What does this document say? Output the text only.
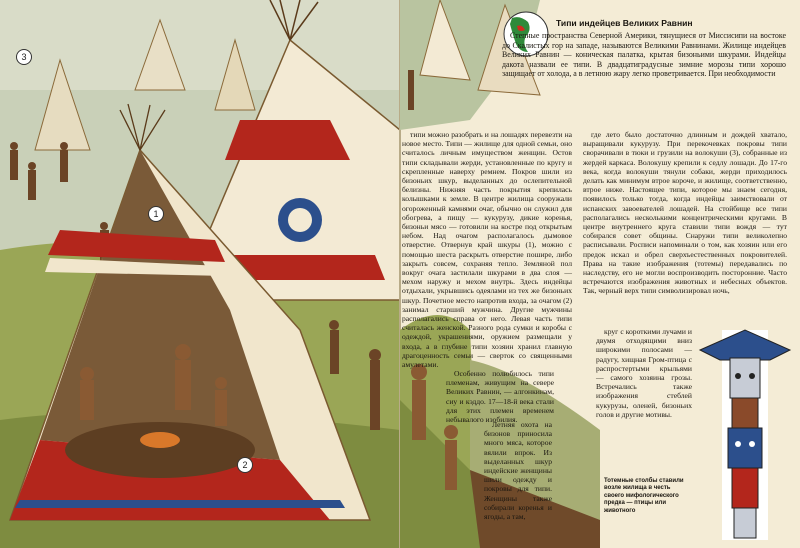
1
2
3
Типи индейцев Великих Равнин

Степные пространства Северной Америки, тянущиеся от Миссисипи на востоке до Скалистых гор на западе, называются Великими Равнинами. Жилище индейцев Великих Равнин — коническая палатка, крытая бизоньими шкурами. Индейцы дакота назвали ее типи. В двадцатиградусные зимние морозы типи хорошо защищает от холода, а в летнюю жару легко проветривается. При необходимости

типи можно разобрать и на лошадях перевезти на новое место. Типи — жилище для одной семьи, оно считалось личным имуществом женщин. Остов типи складывали жерди, установленные по кругу и скрепленные наверху ремнем. Покров шили из бизоньих шкур, выделанных до ослепительной белизны. Нижняя часть покрытия крепилась колышками к земле. В центре жилища сооружали огороженный камнями очаг, обычно он служил для обогрева, а пищу — кукурузу, дикие коренья, бизоньи мясо — готовили на костре под открытым небом. Над очагом располагалось дымовое отверстие. Отвернув край шкуры (1), можно с помощью шеста раскрыть отверстие пошире, либо закрыть совсем, сохраняя тепло. Земляной пол вокруг очага застилали шкурами в два слоя — мехом наружу и мехом внутрь. Здесь индейцы отдыхали, укрывшись одеялами из тех же бизоньих шкур. Почетное место напротив входа, за очагом (2) занимал старший мужчина. Другие мужчины располагались справа от него. Левая часть типи считалась женской. Разного рода сумки и коробы с одеждой, украшениями, оружием размещали у входа, а в глубине типи хозяин хранил главную драгоценность семьи — сверток со священными амулетами.

где лето было достаточно длинным и дождей хватало, выращивали кукурузу. При перекочевках покровы типи сворачивали в тюки и грузили на волокуши (3), собранные из жердей каркаса. Волокушу крепили к седлу лошади. До 17-го века, когда волокуши тянули собаки, жерди приходилось делать как минимум втрое короче, и жилище, соответственно, втрое ниже. Настоящее типи, которое мы знаем сегодня, появилось только тогда, когда индейцы заимствовали от испанских завоевателей лошадей. На стойбище все типи располагались несколькими концентрическими кругами. В центре внутреннего круга ставили типи вождя — тут собирался совет общины. Снаружи типи великолепно расписывали. Росписи напоминали о том, как хозяин или его предок искал и обрел сверхъестественных покровителей. Права на такие изображения (тотемы) передавались по наследству, его не могли воспроизводить посторонние. Часто встречаются изображения животных и небесных объектов. Так, черный верх типи символизировал ночь,

Особенно полюбилось типи племенам, живущим на севере Великих Равнин, — алгонкинам, сиу и кэддо. 17—18-й века стали для этих племен временем небывалого изобилия.

Летняя охота на бизонов приносила много мяса, которое вялили впрок. Из выделанных шкур индейские женщины шили одежду и покровы для типи. Женщины также собирали коренья и ягоды, а там,

круг с короткими лучами и двумя отходящими вниз широкими полосами — радугу, хищная Гром-птица с распростертыми крыльями — самого хозяина грозы. Встречались также изображения стеблей кукурузы, оленей, бизоньих голов и другие мотивы.

Тотемные столбы ставили возле жилища в честь своего мифологического предка — птицы или животного
